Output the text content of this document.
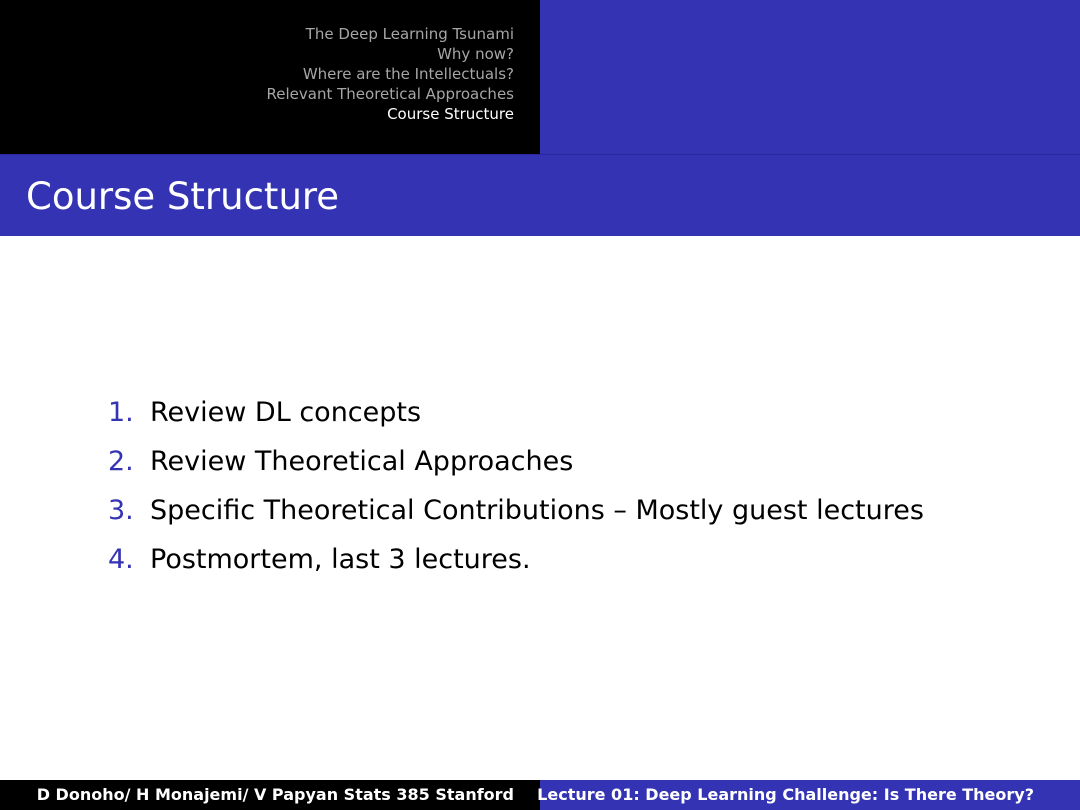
The Deep Learning Tsunami
Why now?
Where are the Intellectuals?
Relevant Theoretical Approaches
Course Structure
Course Structure
1. Review DL concepts
2. Review Theoretical Approaches
3. Specific Theoretical Contributions – Mostly guest lectures
4. Postmortem, last 3 lectures.
D Donoho/ H Monajemi/ V Papyan Stats 385 Stanford Lecture 01: Deep Learning Challenge: Is There Theory?
